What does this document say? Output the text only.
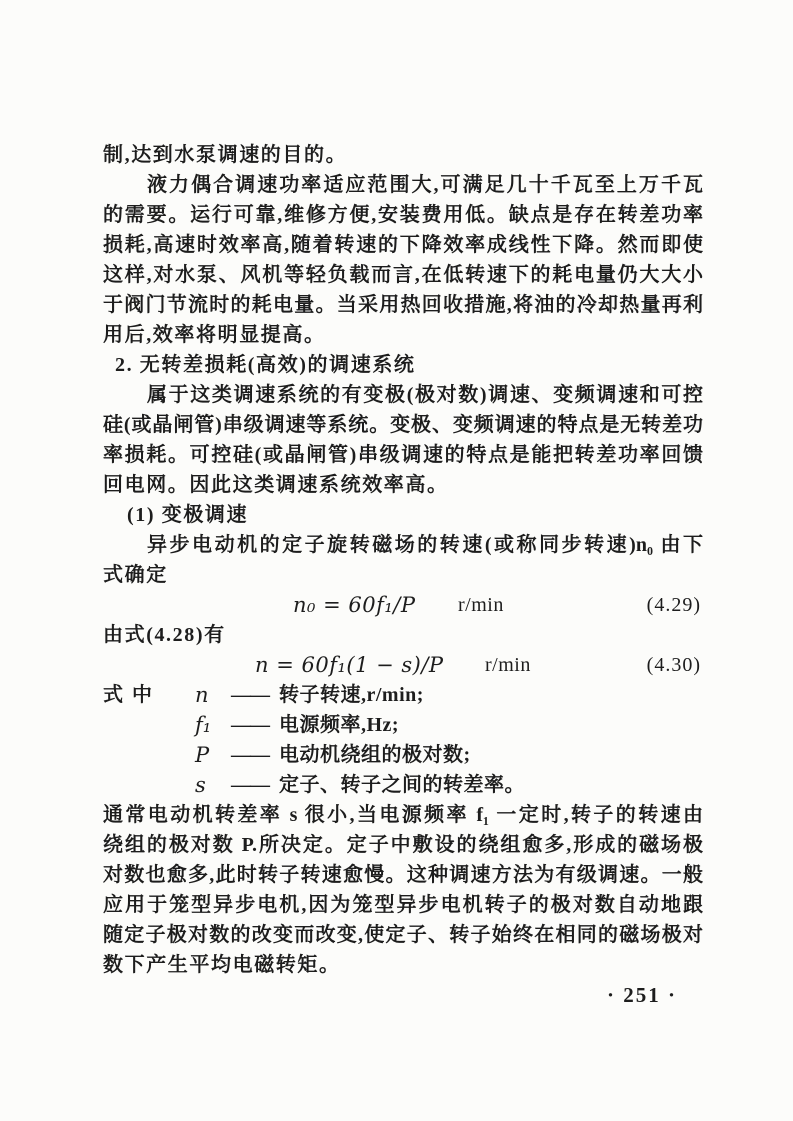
制,达到水泵调速的目的。
液力偶合调速功率适应范围大,可满足几十千瓦至上万千瓦
的需要。运行可靠,维修方便,安装费用低。缺点是存在转差功率
损耗,高速时效率高,随着转速的下降效率成线性下降。然而即使
这样,对水泵、风机等轻负载而言,在低转速下的耗电量仍大大小
于阀门节流时的耗电量。当采用热回收措施,将油的冷却热量再利
用后,效率将明显提高。
2. 无转差损耗(高效)的调速系统
属于这类调速系统的有变极(极对数)调速、变频调速和可控
硅(或晶闸管)串级调速等系统。变极、变频调速的特点是无转差功
率损耗。可控硅(或晶闸管)串级调速的特点是能把转差功率回馈
回电网。因此这类调速系统效率高。
(1) 变极调速
异步电动机的定子旋转磁场的转速(或称同步转速)n₀ 由下
式确定
n₀ = 60f₁/P r/min	(4.29)
由式(4.28)有
n = 60f₁(1 − s)/P r/min	(4.30)
式中 n	—— 转子转速,r/min;
f₁ —— 电源频率,Hz;
P	—— 电动机绕组的极对数;
s	—— 定子、转子之间的转差率。
通常电动机转差率 s 很小,当电源频率 f₁ 一定时,转子的转速由
绕组的极对数 P.所决定。定子中敷设的绕组愈多,形成的磁场极
对数也愈多,此时转子转速愈慢。这种调速方法为有级调速。一般
应用于笼型异步电机,因为笼型异步电机转子的极对数自动地跟
随定子极对数的改变而改变,使定子、转子始终在相同的磁场极对
数下产生平均电磁转矩。
· 251 ·
